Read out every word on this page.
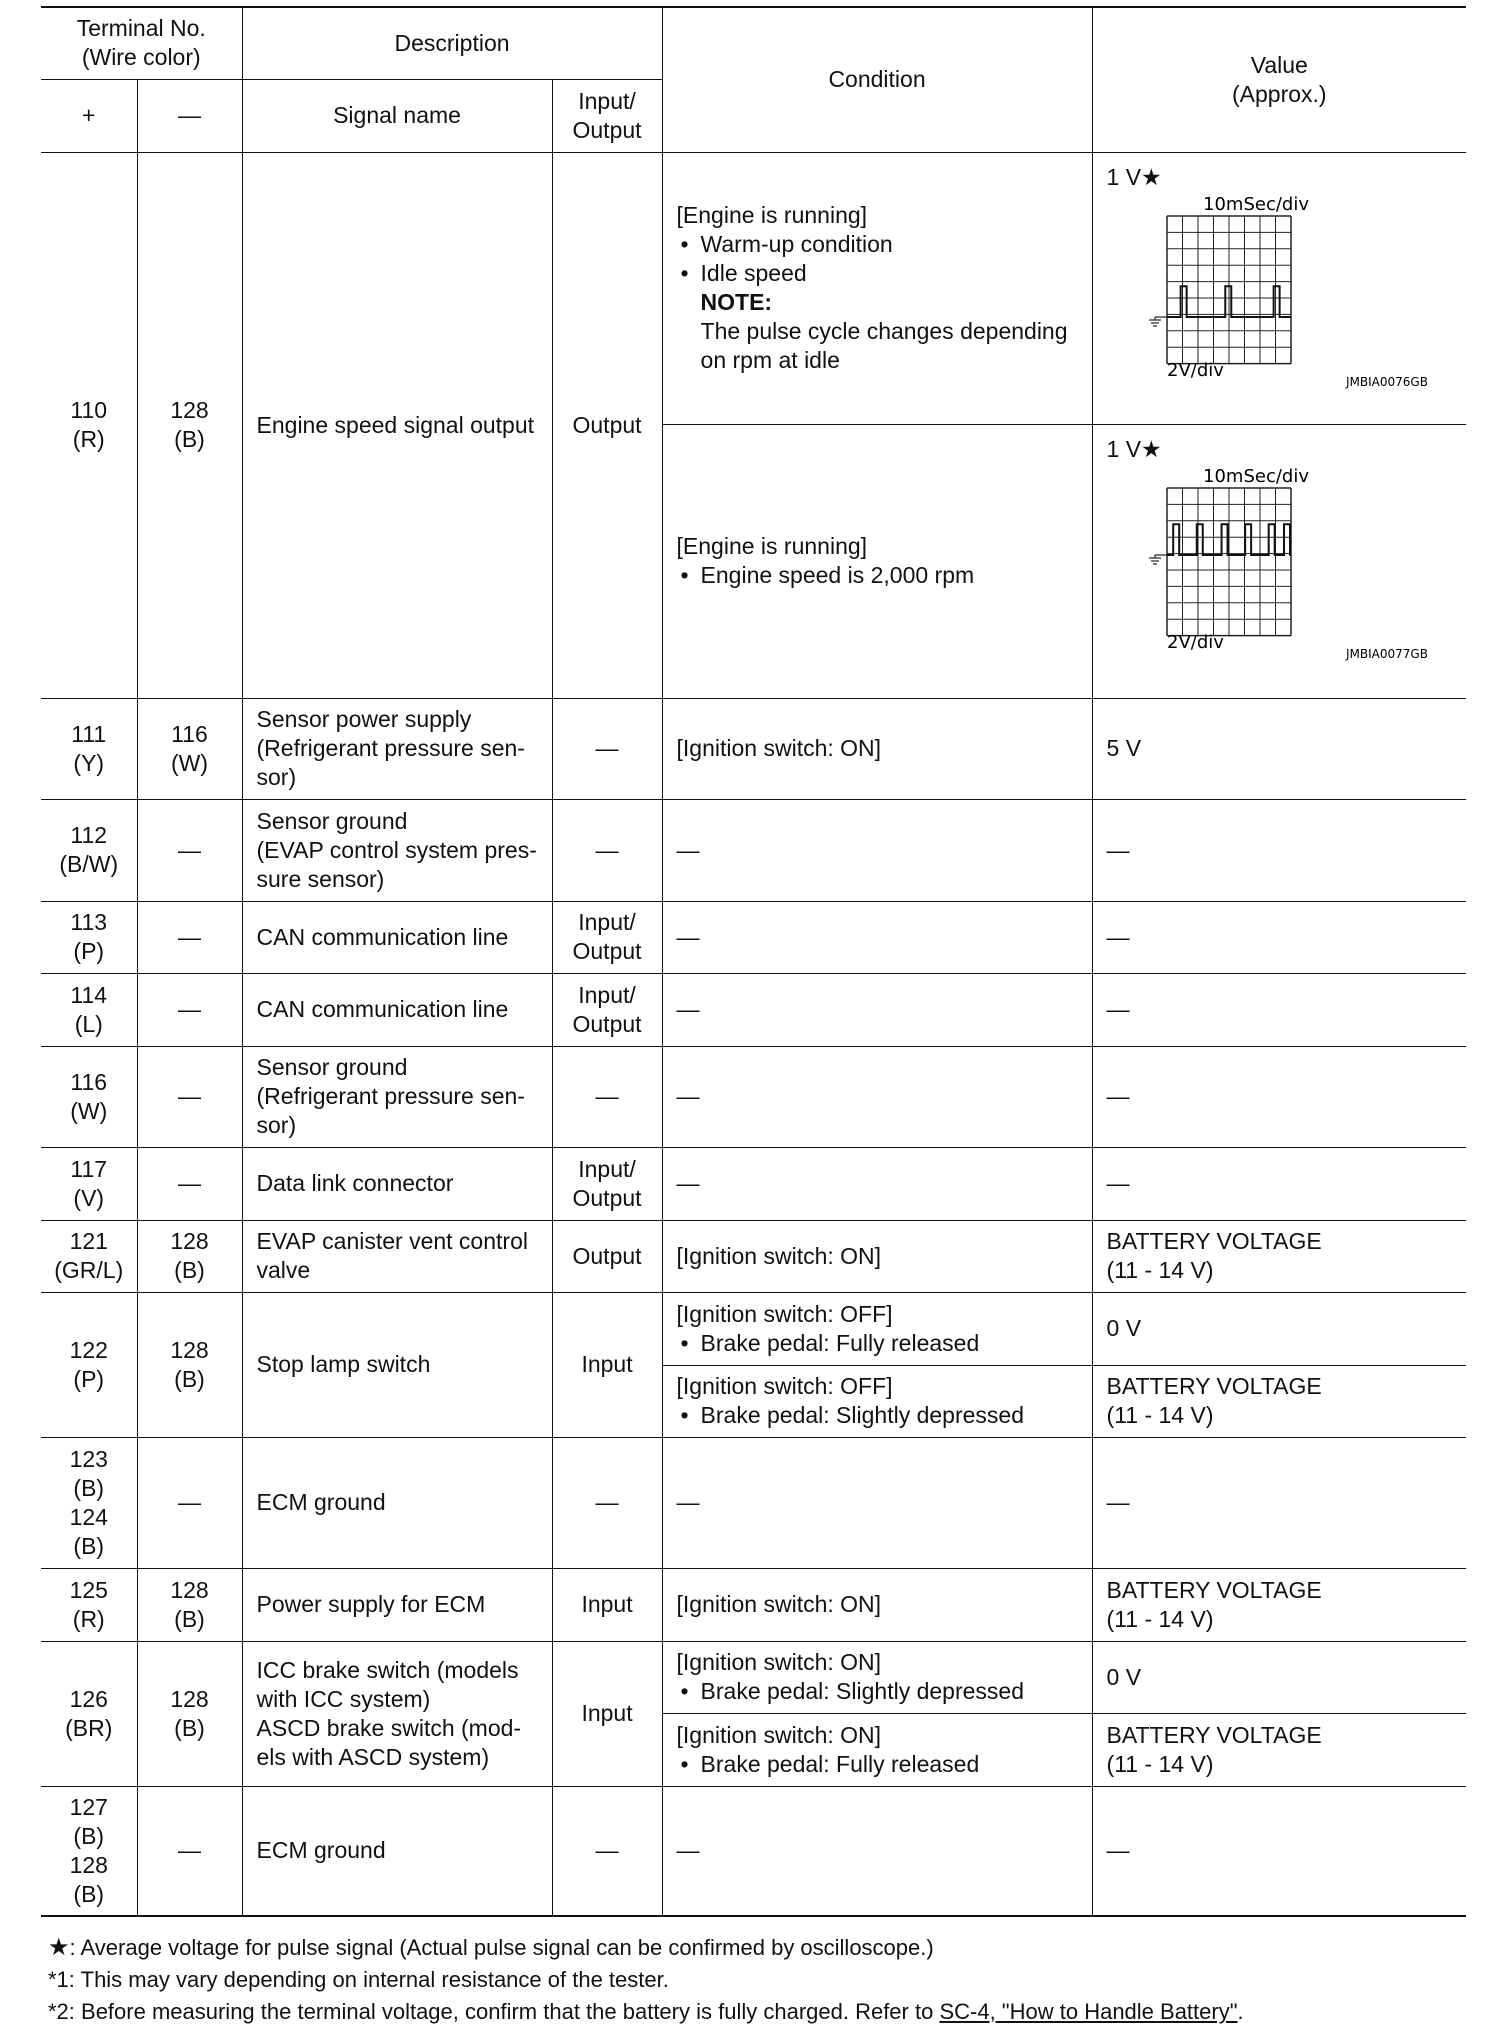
Terminal No.
(Wire color)		Description		Condition	Value
(Approx.)
+	—	Signal name	Input/
Output		
110
(R)	128
(B)	Engine speed signal output	Output	[Engine is running]
• Warm-up condition
• Idle speed
NOTE:
The pulse cycle changes depending on rpm at idle	1 V★
10mSec/div
2V/div
JMBIA0076GB

				[Engine is running]
• Engine speed is 2,000 rpm	1 V★
10mSec/div
2V/div
JMBIA0077GB

111
(Y)	116
(W)	Sensor power supply
(Refrigerant pressure sen-
sor)	—	[Ignition switch: ON]	5 V
112
(B/W)	—	Sensor ground
(EVAP control system pres-
sure sensor)	—	—	—
113
(P)	—	CAN communication line	Input/
Output	—	—
114
(L)	—	CAN communication line	Input/
Output	—	—
116
(W)	—	Sensor ground
(Refrigerant pressure sen-
sor)	—	—	—
117
(V)	—	Data link connector	Input/
Output	—	—
121
(GR/L)	128
(B)	EVAP canister vent control
valve	Output	[Ignition switch: ON]	BATTERY VOLTAGE
(11 - 14 V)
122
(P)	128
(B)	Stop lamp switch	Input	[Ignition switch: OFF]
• Brake pedal: Fully released	0 V

				[Ignition switch: OFF]
• Brake pedal: Slightly depressed	BATTERY VOLTAGE
(11 - 14 V)
123
(B)
124
(B)	—	ECM ground	—	—	—
125
(R)	128
(B)	Power supply for ECM	Input	[Ignition switch: ON]	BATTERY VOLTAGE
(11 - 14 V)
126
(BR)	128
(B)	ICC brake switch (models
with ICC system)
ASCD brake switch (mod-
els with ASCD system)	Input	[Ignition switch: ON]
• Brake pedal: Slightly depressed	0 V

				[Ignition switch: ON]
• Brake pedal: Fully released	BATTERY VOLTAGE
(11 - 14 V)
127
(B)
128
(B)	—	ECM ground	—	—	—
★: Average voltage for pulse signal (Actual pulse signal can be confirmed by oscilloscope.)
*1: This may vary depending on internal resistance of the tester.
*2: Before measuring the terminal voltage, confirm that the battery is fully charged. Refer to SC-4, "How to Handle Battery".
